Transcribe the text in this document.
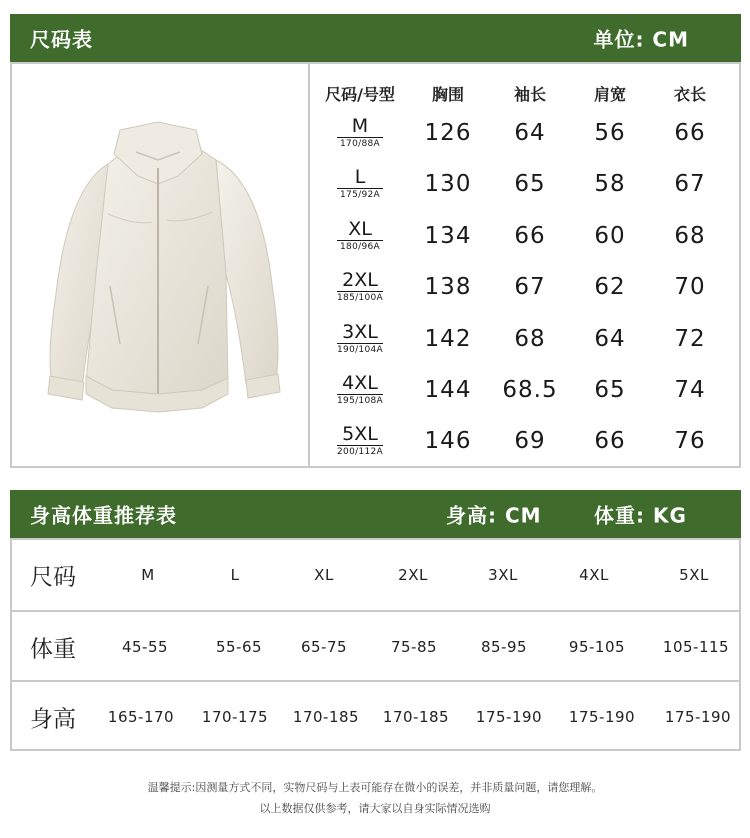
尺码表	单位: CM
尺码/号型	胸围	袖长	肩宽	衣长
M
170/88A	126	64	56	66
L
175/92A	130	65	58	67
XL
180/96A	134	66	60	68
2XL
185/100A	138	67	62	70
3XL
190/104A	142	68	64	72
4XL
195/108A	144	68.5	65	74
5XL
200/112A	146	69	66	76
身高体重推荐表	身高: CM	体重: KG
尺码	M	L	XL	2XL	3XL	4XL	5XL
体重	45-55	55-65	65-75	75-85	85-95	95-105	105-115
身高 165-170 170-175 170-185 170-185 175-190 175-190 175-190
温馨提示:因测量方式不同，实物尺码与上表可能存在微小的误差，并非质量问题，请您理解。
以上数据仅供参考，请大家以自身实际情况选购
